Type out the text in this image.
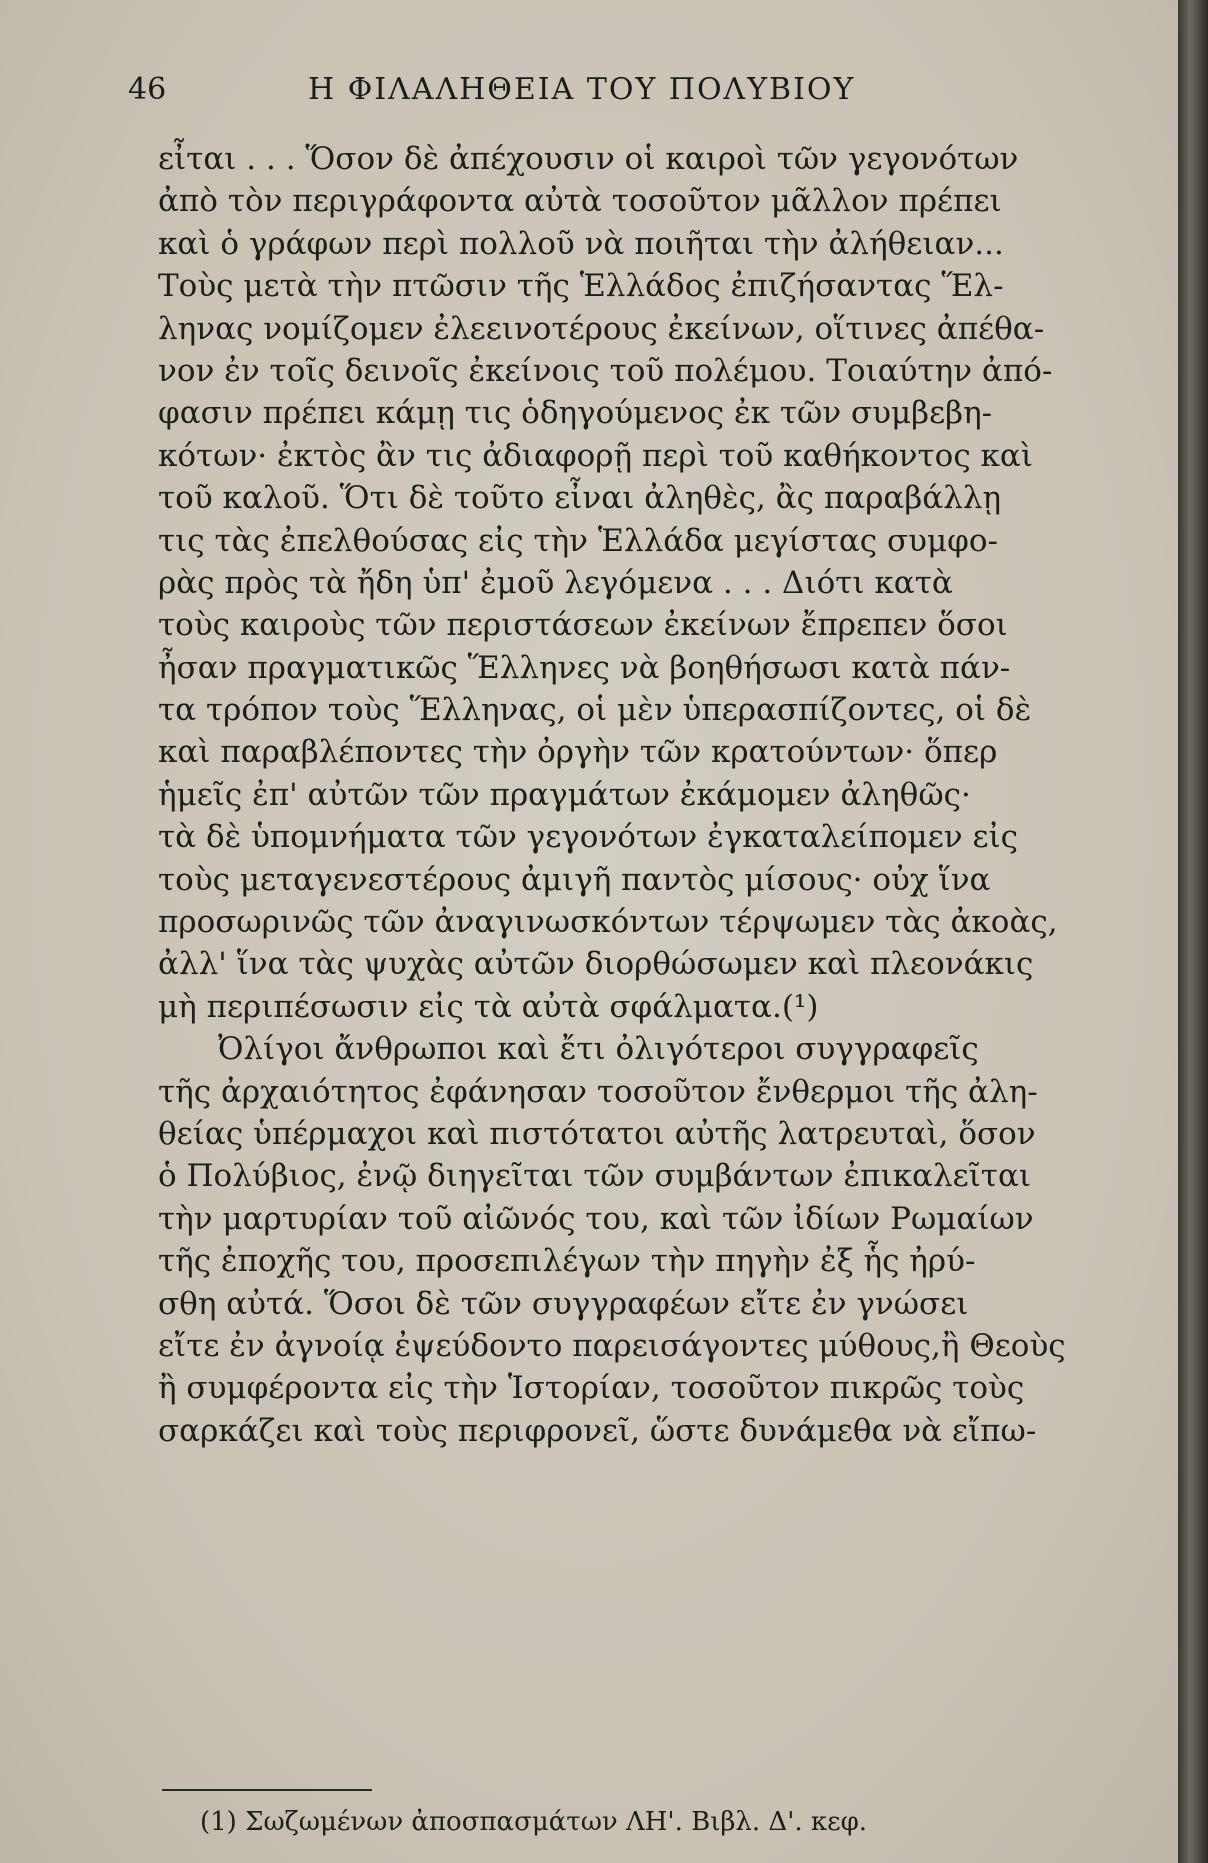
46	Η ΦΙΛΑΛΗΘΕΙΑ ΤΟΥ ΠΟΛΥΒΙΟΥ
εἶται . . . Ὅσον δὲ ἀπέχουσιν οἱ καιροὶ τῶν γεγονότων
ἀπὸ τὸν περιγράφοντα αὐτὰ τοσοῦτον μᾶλλον πρέπει
καὶ ὁ γράφων περὶ πολλοῦ νὰ ποιῆται τὴν ἀλήθειαν...
Τοὺς μετὰ τὴν πτῶσιν τῆς Ἑλλάδος ἐπιζήσαντας Ἕλ-
ληνας νομίζομεν ἐλεεινοτέρους ἐκείνων, οἵτινες ἀπέθα-
νον ἐν τοῖς δεινοῖς ἐκείνοις τοῦ πολέμου. Τοιαύτην ἀπό-
φασιν πρέπει κάμῃ τις ὁδηγούμενος ἐκ τῶν συμβεβη-
κότων· ἐκτὸς ἂν τις ἀδιαφορῇ περὶ τοῦ καθήκοντος καὶ
τοῦ καλοῦ. Ὅτι δὲ τοῦτο εἶναι ἀληθὲς, ἂς παραβάλλῃ
τις τὰς ἐπελθούσας εἰς τὴν Ἑλλάδα μεγίστας συμφο-
ρὰς πρὸς τὰ ἤδη ὑπ' ἐμοῦ λεγόμενα . . . Διότι κατὰ
τοὺς καιροὺς τῶν περιστάσεων ἐκείνων ἔπρεπεν ὅσοι
ἦσαν πραγματικῶς Ἕλληνες νὰ βοηθήσωσι κατὰ πάν-
τα τρόπον τοὺς Ἕλληνας, οἱ μὲν ὑπερασπίζοντες, οἱ δὲ
καὶ παραβλέποντες τὴν ὀργὴν τῶν κρατούντων· ὅπερ
ἡμεῖς ἐπ' αὐτῶν τῶν πραγμάτων ἐκάμομεν ἀληθῶς·
τὰ δὲ ὑπομνήματα τῶν γεγονότων ἐγκαταλείπομεν εἰς
τοὺς μεταγενεστέρους ἀμιγῆ παντὸς μίσους· οὐχ ἵνα
προσωρινῶς τῶν ἀναγινωσκόντων τέρψωμεν τὰς ἀκοὰς,
ἀλλ' ἵνα τὰς ψυχὰς αὐτῶν διορθώσωμεν καὶ πλεονάκις
μὴ περιπέσωσιν εἰς τὰ αὐτὰ σφάλματα.(¹)
Ὀλίγοι ἄνθρωποι καὶ ἔτι ὀλιγότεροι συγγραφεῖς
τῆς ἀρχαιότητος ἐφάνησαν τοσοῦτον ἔνθερμοι τῆς ἀλη-
θείας ὑπέρμαχοι καὶ πιστότατοι αὐτῆς λατρευταὶ, ὅσον
ὁ Πολύβιος, ἐνῷ διηγεῖται τῶν συμβάντων ἐπικαλεῖται
τὴν μαρτυρίαν τοῦ αἰῶνός του, καὶ τῶν ἰδίων Ρωμαίων
τῆς ἐποχῆς του, προσεπιλέγων τὴν πηγὴν ἐξ ἧς ἠρύ-
σθη αὐτά. Ὅσοι δὲ τῶν συγγραφέων εἴτε ἐν γνώσει
εἴτε ἐν ἀγνοίᾳ ἐψεύδοντο παρεισάγοντες μύθους,ἢ Θεοὺς
ἢ συμφέροντα εἰς τὴν Ἱστορίαν, τοσοῦτον πικρῶς τοὺς
σαρκάζει καὶ τοὺς περιφρονεῖ, ὥστε δυνάμεθα νὰ εἴπω-
(1) Σωζωμένων ἀποσπασμάτων ΛΗ'. Βιβλ. Δ'. κεφ.
